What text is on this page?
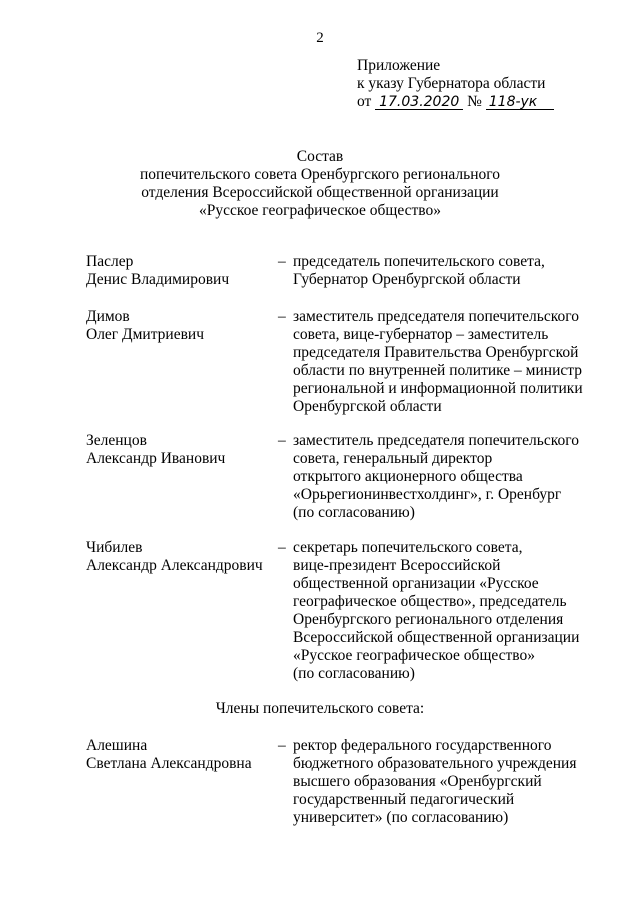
2
Приложение
к указу Губернатора области
от 17.03.2020 № 118-ук
Состав
попечительского совета Оренбургского регионального
отделения Всероссийской общественной организации
«Русское географическое общество»
Паслер
Денис Владимирович
– председатель попечительского совета,
Губернатор Оренбургской области
Димов
Олег Дмитриевич
– заместитель председателя попечительского
совета, вице-губернатор – заместитель
председателя Правительства Оренбургской
области по внутренней политике – министр
региональной и информационной политики
Оренбургской области
Зеленцов
Александр Иванович
– заместитель председателя попечительского
совета, генеральный директор
открытого акционерного общества
«Орьрегионинвестхолдинг», г. Оренбург
(по согласованию)
Чибилев
Александр Александрович
– секретарь попечительского совета,
вице-президент Всероссийской
общественной организации «Русское
географическое общество», председатель
Оренбургского регионального отделения
Всероссийской общественной организации
«Русское географическое общество»
(по согласованию)
Члены попечительского совета:
Алешина
Светлана Александровна
– ректор федерального государственного
бюджетного образовательного учреждения
высшего образования «Оренбургский
государственный педагогический
университет» (по согласованию)
